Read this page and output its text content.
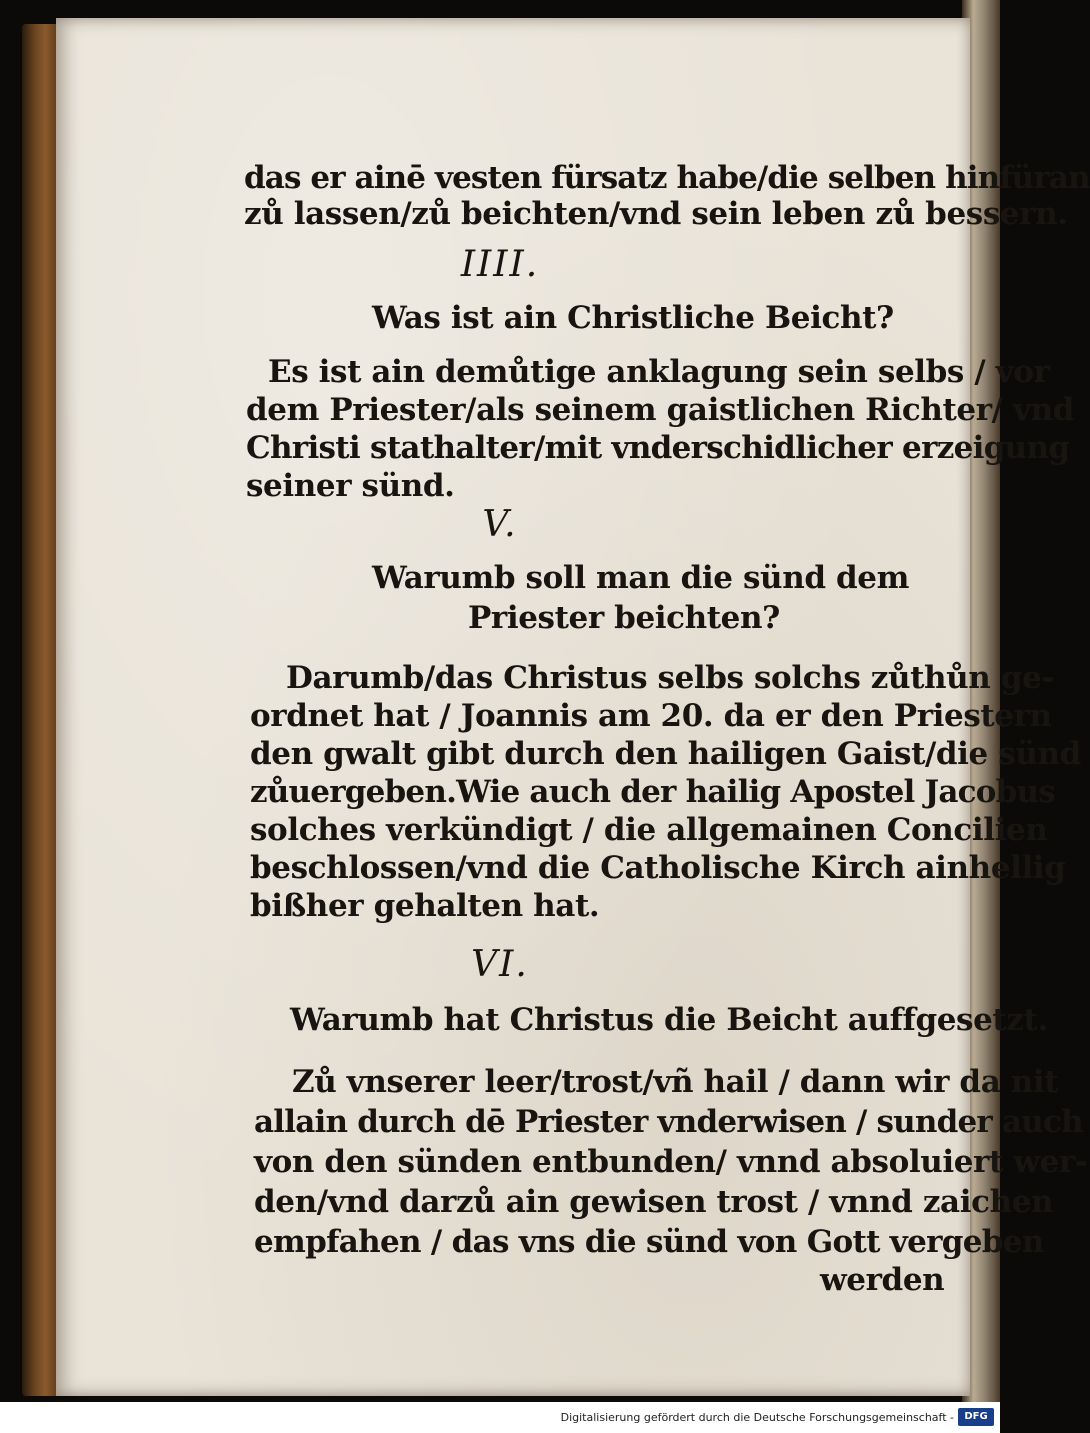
das er ainē vesten fürsatz habe/die selben hinfüran
zů lassen/zů beichten/vnd sein leben zů bessern.
IIII.
Was ist ain Christliche Beicht?
Es ist ain demůtige anklagung sein selbs / vor
dem Priester/als seinem gaistlichen Richter/ vnd
Christi stathalter/mit vnderschidlicher erzeigung
seiner sünd.
V.
Warumb soll man die sünd dem
Priester beichten?
Darumb/das Christus selbs solchs zůthůn ge-
ordnet hat / Joannis am 20. da er den Priestern
den gwalt gibt durch den hailigen Gaist/die sünd
zůuergeben.Wie auch der hailig Apostel Jacobus
solches verkündigt / die allgemainen Concilien
beschlossen/vnd die Catholische Kirch ainhellig
bißher gehalten hat.
VI.
Warumb hat Christus die Beicht auffgesetzt.
Zů vnserer leer/trost/vñ hail / dann wir da nit
allain durch dē Priester vnderwisen / sunder auch
von den sünden entbunden/ vnnd absoluiert wer-
den/vnd darzů ain gewisen trost / vnnd zaichen
empfahen / das vns die sünd von Gott vergeben
werden
Digitalisierung gefördert durch die Deutsche Forschungsgemeinschaft -	DFG
